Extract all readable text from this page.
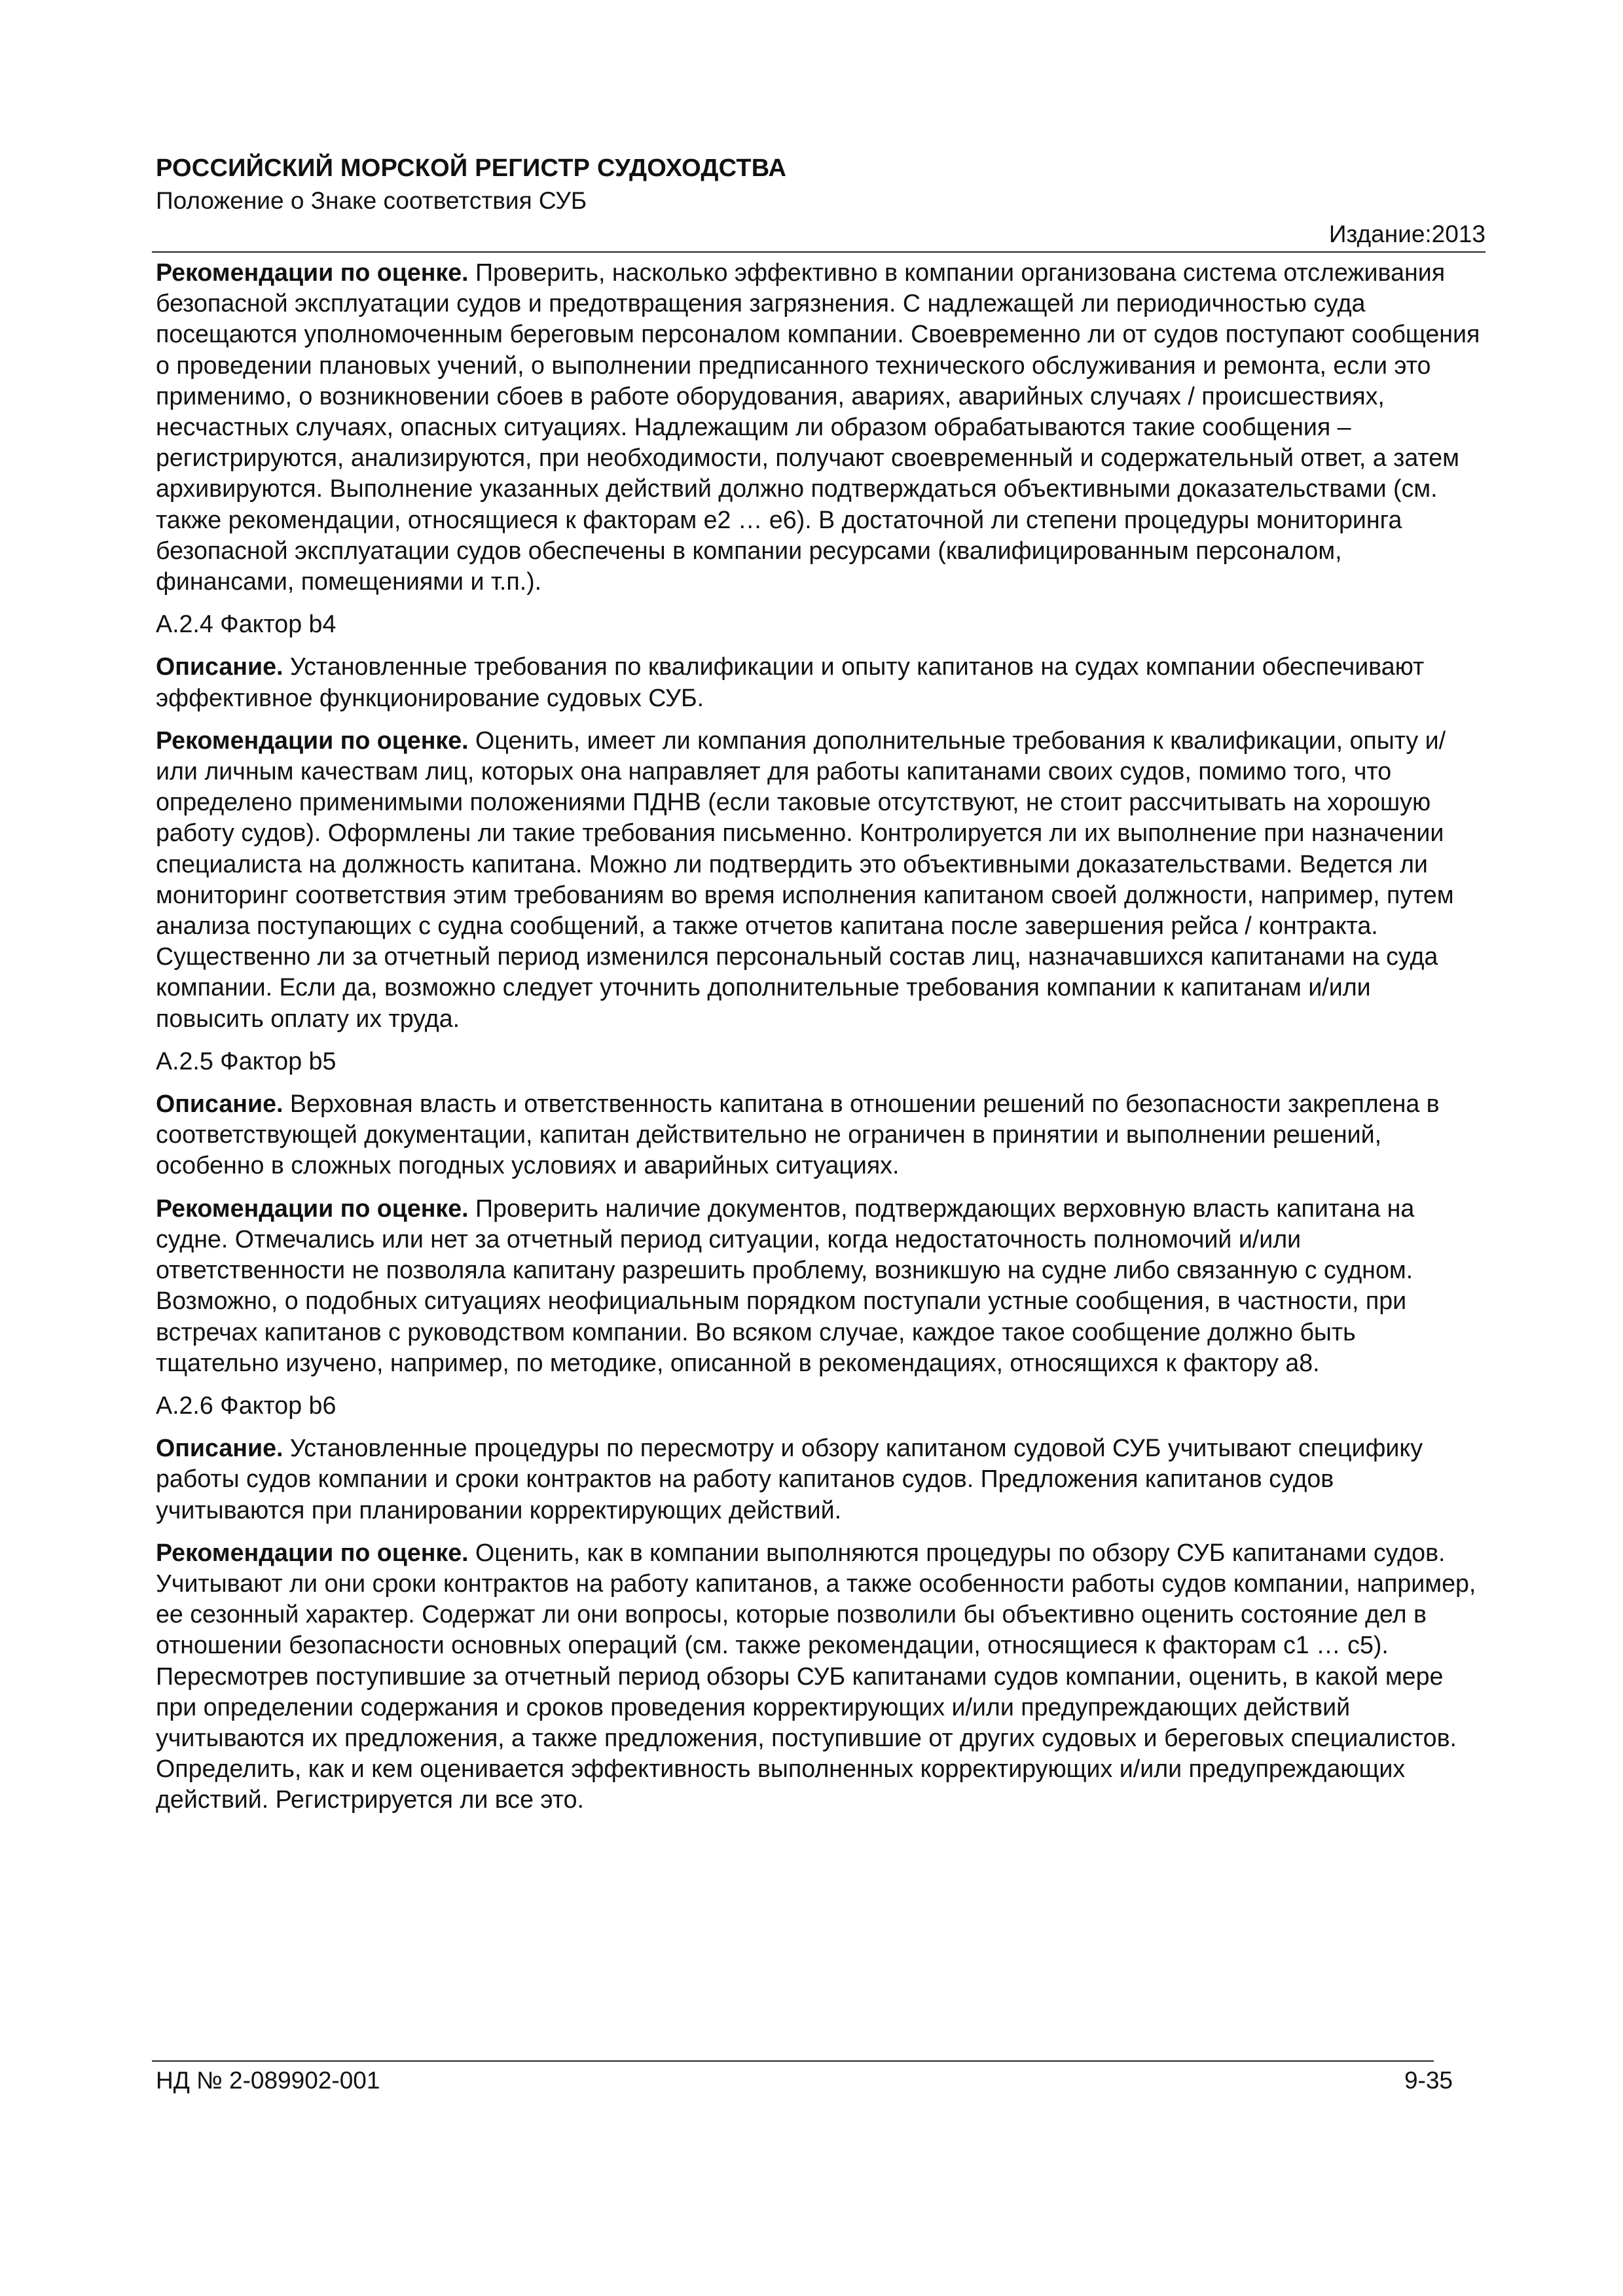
РОССИЙСКИЙ МОРСКОЙ РЕГИСТР СУДОХОДСТВА
Положение о Знаке соответствия СУБ
Издание:2013

Рекомендации по оценке. Проверить, насколько эффективно в компании организована система отслеживания безопасной эксплуатации судов и предотвращения загрязнения. С надлежащей ли периодичностью суда посещаются уполномоченным береговым персоналом компании. Своевременно ли от судов поступают сообщения о проведении плановых учений, о выполнении предписанного технического обслуживания и ремонта, если это применимо, о возникновении сбоев в работе оборудования, авариях, аварийных случаях / происшествиях, несчастных случаях, опасных ситуациях. Надлежащим ли образом обрабатываются такие сообщения – регистрируются, анализируются, при необходимости, получают своевременный и содержательный ответ, а затем архивируются. Выполнение указанных действий должно подтверждаться объективными доказательствами (см. также рекомендации, относящиеся к факторам e2 … e6). В достаточной ли степени процедуры мониторинга безопасной эксплуатации судов обеспечены в компании ресурсами (квалифицированным персоналом, финансами, помещениями и т.п.).

A.2.4 Фактор b4

Описание. Установленные требования по квалификации и опыту капитанов на судах компании обеспечивают эффективное функционирование судовых СУБ.

Рекомендации по оценке. Оценить, имеет ли компания дополнительные требования к квалификации, опыту и/или личным качествам лиц, которых она направляет для работы капитанами своих судов, помимо того, что определено применимыми положениями ПДНВ (если таковые отсутствуют, не стоит рассчитывать на хорошую работу судов). Оформлены ли такие требования письменно. Контролируется ли их выполнение при назначении специалиста на должность капитана. Можно ли подтвердить это объективными доказательствами. Ведется ли мониторинг соответствия этим требованиям во время исполнения капитаном своей должности, например, путем анализа поступающих с судна сообщений, а также отчетов капитана после завершения рейса / контракта. Существенно ли за отчетный период изменился персональный состав лиц, назначавшихся капитанами на суда компании. Если да, возможно следует уточнить дополнительные требования компании к капитанам и/или повысить оплату их труда.

A.2.5 Фактор b5

Описание. Верховная власть и ответственность капитана в отношении решений по безопасности закреплена в соответствующей документации, капитан действительно не ограничен в принятии и выполнении решений, особенно в сложных погодных условиях и аварийных ситуациях.

Рекомендации по оценке. Проверить наличие документов, подтверждающих верховную власть капитана на судне. Отмечались или нет за отчетный период ситуации, когда недостаточность полномочий и/или ответственности не позволяла капитану разрешить проблему, возникшую на судне либо связанную с судном. Возможно, о подобных ситуациях неофициальным порядком поступали устные сообщения, в частности, при встречах капитанов с руководством компании. Во всяком случае, каждое такое сообщение должно быть тщательно изучено, например, по методике, описанной в рекомендациях, относящихся к фактору a8.

A.2.6 Фактор b6

Описание. Установленные процедуры по пересмотру и обзору капитаном судовой СУБ учитывают специфику работы судов компании и сроки контрактов на работу капитанов судов. Предложения капитанов судов учитываются при планировании корректирующих действий.

Рекомендации по оценке. Оценить, как в компании выполняются процедуры по обзору СУБ капитанами судов. Учитывают ли они сроки контрактов на работу капитанов, а также особенности работы судов компании, например, ее сезонный характер. Содержат ли они вопросы, которые позволили бы объективно оценить состояние дел в отношении безопасности основных операций (см. также рекомендации, относящиеся к факторам c1 … c5). Пересмотрев поступившие за отчетный период обзоры СУБ капитанами судов компании, оценить, в какой мере при определении содержания и сроков проведения корректирующих и/или предупреждающих действий учитываются их предложения, а также предложения, поступившие от других судовых и береговых специалистов. Определить, как и кем оценивается эффективность выполненных корректирующих и/или предупреждающих действий. Регистрируется ли все это.

НД № 2-089902-001	9-35
